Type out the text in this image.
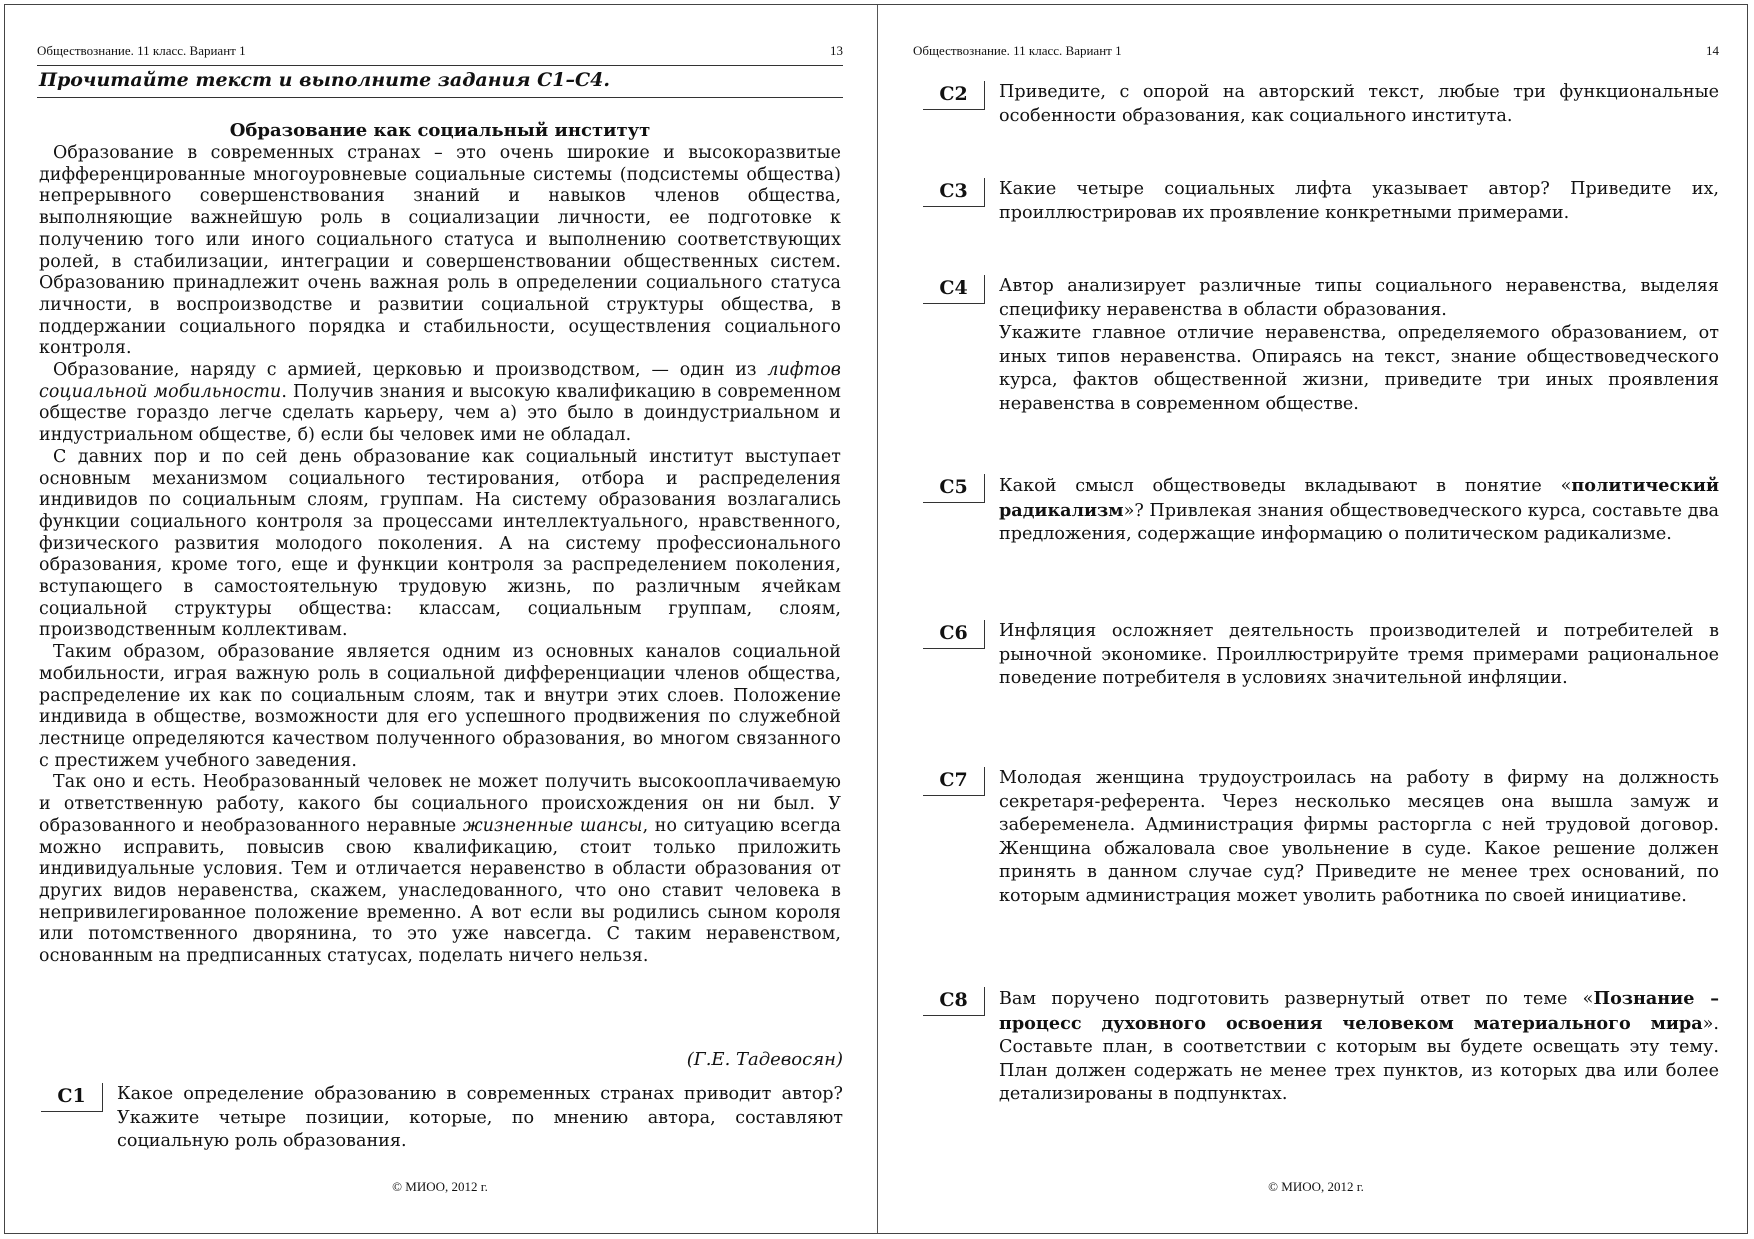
Обществознание. 11 класс. Вариант 1	13
Прочитайте текст и выполните задания С1–С4.
Образование как социальный институт

Образование в современных странах – это очень широкие и высокоразвитые дифференцированные многоуровневые социальные системы (подсистемы общества) непрерывного совершенствования знаний и навыков членов общества, выполняющие важнейшую роль в социализации личности, ее подготовке к получению того или иного социального статуса и выполнению соответствующих ролей, в стабилизации, интеграции и совершенствовании общественных систем. Образованию принадлежит очень важная роль в определении социального статуса личности, в воспроизводстве и развитии социальной структуры общества, в поддержании социального порядка и стабильности, осуществления социального контроля.

Образование, наряду с армией, церковью и производством, — один из лифтов социальной мобильности. Получив знания и высокую квалификацию в современном обществе гораздо легче сделать карьеру, чем а) это было в доиндустриальном и индустриальном обществе, б) если бы человек ими не обладал.

С давних пор и по сей день образование как социальный институт выступает основным механизмом социального тестирования, отбора и распределения индивидов по социальным слоям, группам. На систему образования возлагались функции социального контроля за процессами интеллектуального, нравственного, физического развития молодого поколения. А на систему профессионального образования, кроме того, еще и функции контроля за распределением поколения, вступающего в самостоятельную трудовую жизнь, по различным ячейкам социальной структуры общества: классам, социальным группам, слоям, производственным коллективам.

Таким образом, образование является одним из основных каналов социальной мобильности, играя важную роль в социальной дифференциации членов общества, распределение их как по социальным слоям, так и внутри этих слоев. Положение индивида в обществе, возможности для его успешного продвижения по служебной лестнице определяются качеством полученного образования, во многом связанного с престижем учебного заведения.

Так оно и есть. Необразованный человек не может получить высокооплачиваемую и ответственную работу, какого бы социального происхождения он ни был. У образованного и необразованного неравные жизненные шансы, но ситуацию всегда можно исправить, повысив свою квалификацию, стоит только приложить индивидуальные условия. Тем и отличается неравенство в области образования от других видов неравенства, скажем, унаследованного, что оно ставит человека в непривилегированное положение временно. А вот если вы родились сыном короля или потомственного дворянина, то это уже навсегда. С таким неравенством, основанным на предписанных статусах, поделать ничего нельзя.

(Г.Е. Тадевосян)
С1	Какое определение образованию в современных странах приводит автор? Укажите четыре позиции, которые, по мнению автора, составляют социальную роль образования.
© МИОО, 2012 г.
Обществознание. 11 класс. Вариант 1	14
С2	Приведите, с опорой на авторский текст, любые три функциональные особенности образования, как социального института.
С3	Какие четыре социальных лифта указывает автор? Приведите их, проиллюстрировав их проявление конкретными примерами.
С4	Автор анализирует различные типы социального неравенства, выделяя специфику неравенства в области образования.
Укажите главное отличие неравенства, определяемого образованием, от иных типов неравенства. Опираясь на текст, знание обществоведческого курса, фактов общественной жизни, приведите три иных проявления неравенства в современном обществе.
С5	Какой смысл обществоведы вкладывают в понятие «политический радикализм»? Привлекая знания обществоведческого курса, составьте два предложения, содержащие информацию о политическом радикализме.
С6	Инфляция осложняет деятельность производителей и потребителей в рыночной экономике. Проиллюстрируйте тремя примерами рациональное поведение потребителя в условиях значительной инфляции.
С7	Молодая женщина трудоустроилась на работу в фирму на должность секретаря-референта. Через несколько месяцев она вышла замуж и забеременела. Администрация фирмы расторгла с ней трудовой договор. Женщина обжаловала свое увольнение в суде. Какое решение должен принять в данном случае суд? Приведите не менее трех оснований, по которым администрация может уволить работника по своей инициативе.
С8	Вам поручено подготовить развернутый ответ по теме «Познание – процесс духовного освоения человеком материального мира». Составьте план, в соответствии с которым вы будете освещать эту тему. План должен содержать не менее трех пунктов, из которых два или более детализированы в подпунктах.
© МИОО, 2012 г.
